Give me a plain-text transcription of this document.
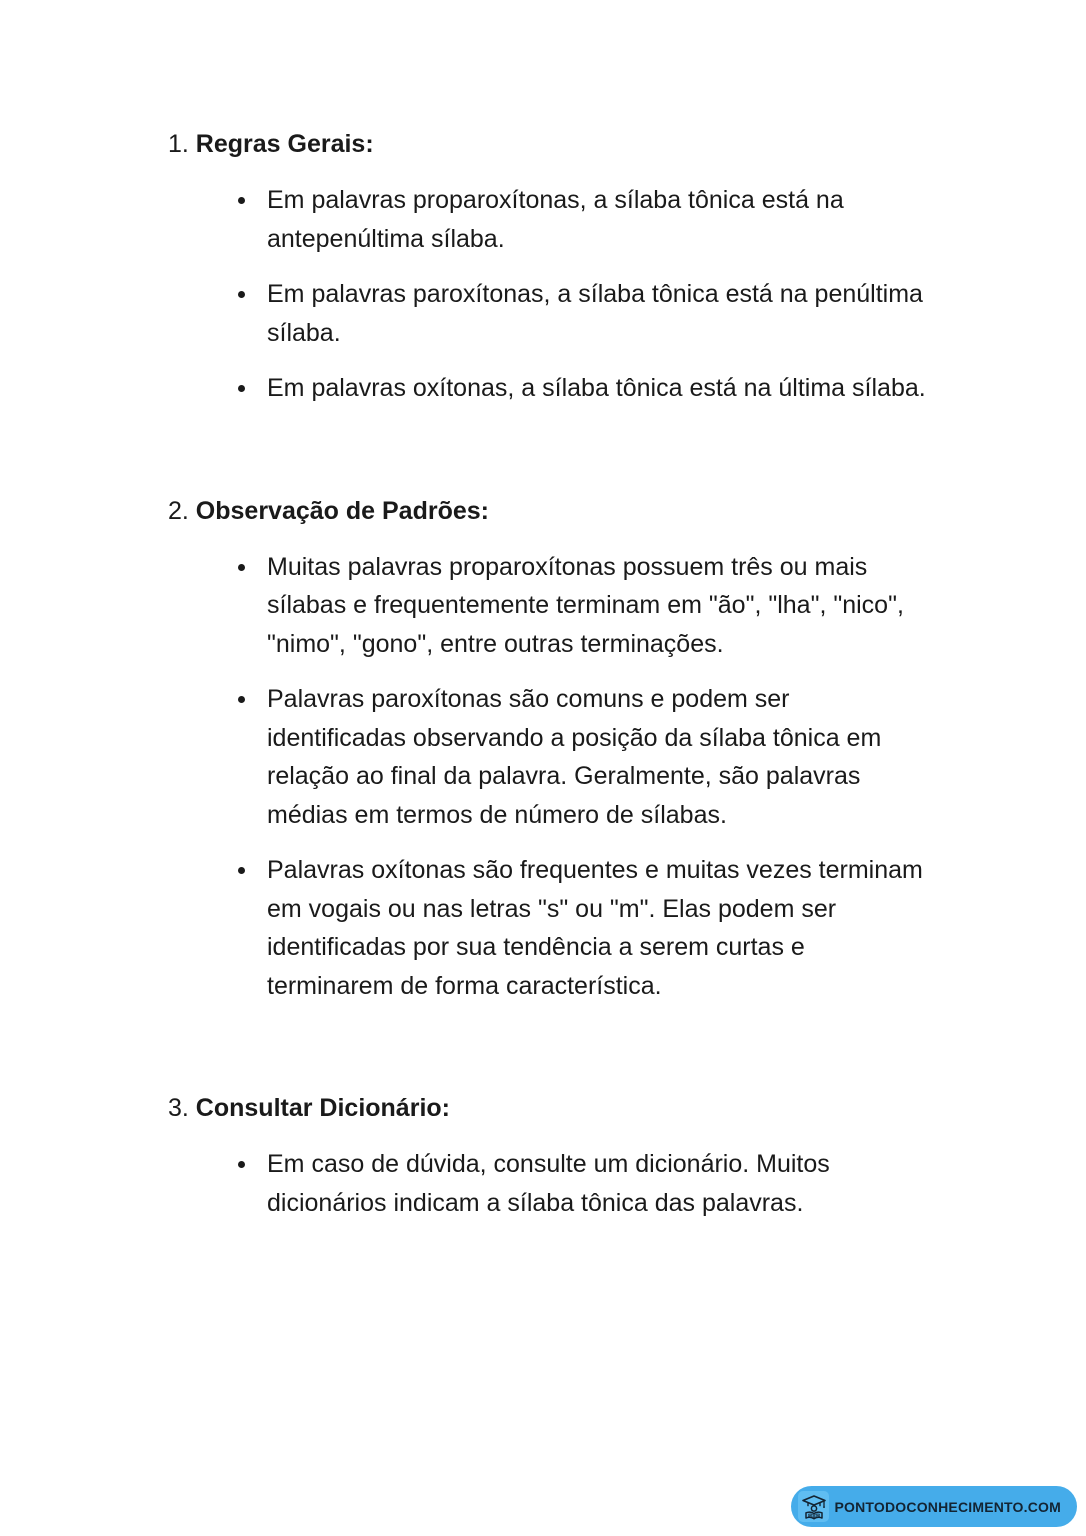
1. Regras Gerais:
Em palavras proparoxítonas, a sílaba tônica está na antepenúltima sílaba.
Em palavras paroxítonas, a sílaba tônica está na penúltima sílaba.
Em palavras oxítonas, a sílaba tônica está na última sílaba.
2. Observação de Padrões:
Muitas palavras proparoxítonas possuem três ou mais sílabas e frequentemente terminam em "ão", "lha", "nico", "nimo", "gono", entre outras terminações.
Palavras paroxítonas são comuns e podem ser identificadas observando a posição da sílaba tônica em relação ao final da palavra. Geralmente, são palavras médias em termos de número de sílabas.
Palavras oxítonas são frequentes e muitas vezes terminam em vogais ou nas letras "s" ou "m". Elas podem ser identificadas por sua tendência a serem curtas e terminarem de forma característica.
3. Consultar Dicionário:
Em caso de dúvida, consulte um dicionário. Muitos dicionários indicam a sílaba tônica das palavras.
PONTODOCONHECIMENTO.COM
